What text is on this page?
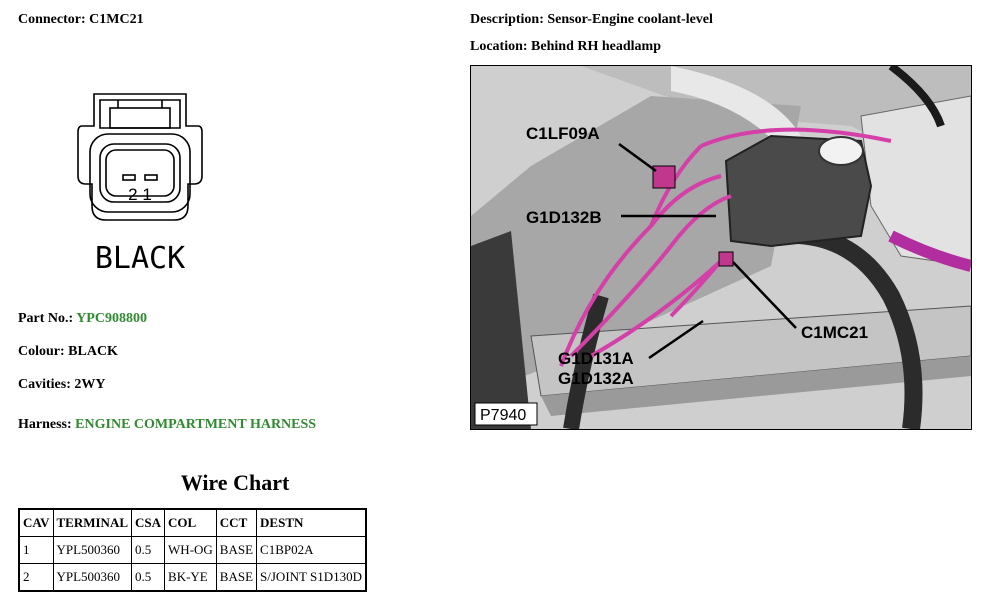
Connector: C1MC21	Description: Sensor-Engine coolant-level
Location: Behind RH headlamp
2 1
BLACK
Part No.: YPC908800
Colour: BLACK
Cavities: 2WY
Harness: ENGINE COMPARTMENT HARNESS
C1LF09A
G1D132B
C1MC21
G1D131A
G1D132A
P7940
Wire Chart
CAV	TERMINAL	CSA	COL	CCT	DESTN
1	YPL500360	0.5	WH-OG	BASE	C1BP02A
2	YPL500360	0.5	BK-YE	BASE	S/JOINT S1D130D
